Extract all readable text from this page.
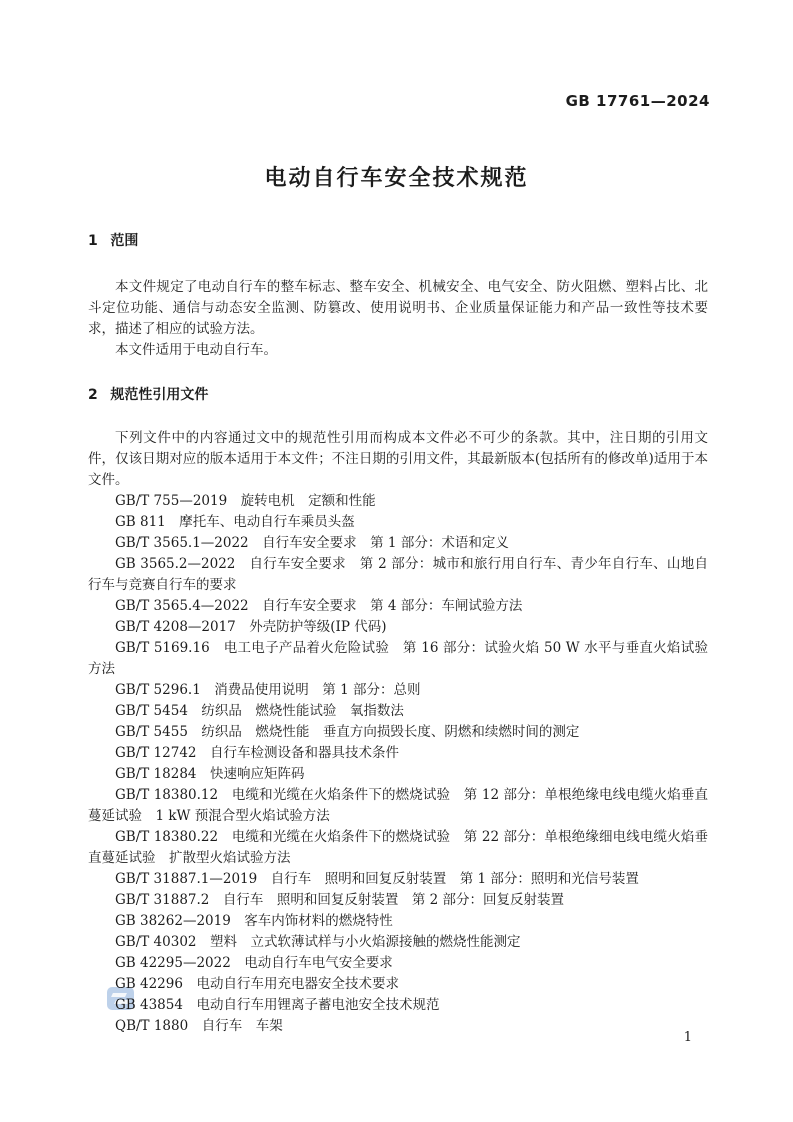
GB 17761—2024
电动自行车安全技术规范

1 范围

本文件规定了电动自行车的整车标志、整车安全、机械安全、电气安全、防火阻燃、塑料占比、北斗定位功能、通信与动态安全监测、防篡改、使用说明书、企业质量保证能力和产品一致性等技术要求，描述了相应的试验方法。

本文件适用于电动自行车。

2 规范性引用文件

下列文件中的内容通过文中的规范性引用而构成本文件必不可少的条款。其中，注日期的引用文件，仅该日期对应的版本适用于本文件；不注日期的引用文件，其最新版本(包括所有的修改单)适用于本文件。

GB/T 755—2019　旋转电机　定额和性能

GB 811　摩托车、电动自行车乘员头盔

GB/T 3565.1—2022　自行车安全要求　第 1 部分：术语和定义

GB 3565.2—2022　自行车安全要求　第 2 部分：城市和旅行用自行车、青少年自行车、山地自行车与竞赛自行车的要求

GB/T 3565.4—2022　自行车安全要求　第 4 部分：车闸试验方法

GB/T 4208—2017　外壳防护等级(IP 代码)

GB/T 5169.16　电工电子产品着火危险试验　第 16 部分：试验火焰 50 W 水平与垂直火焰试验方法

GB/T 5296.1　消费品使用说明　第 1 部分：总则

GB/T 5454　纺织品　燃烧性能试验　氧指数法

GB/T 5455　纺织品　燃烧性能　垂直方向损毁长度、阴燃和续燃时间的测定

GB/T 12742　自行车检测设备和器具技术条件

GB/T 18284　快速响应矩阵码

GB/T 18380.12　电缆和光缆在火焰条件下的燃烧试验　第 12 部分：单根绝缘电线电缆火焰垂直蔓延试验　1 kW 预混合型火焰试验方法

GB/T 18380.22　电缆和光缆在火焰条件下的燃烧试验　第 22 部分：单根绝缘细电线电缆火焰垂直蔓延试验　扩散型火焰试验方法

GB/T 31887.1—2019　自行车　照明和回复反射装置　第 1 部分：照明和光信号装置

GB/T 31887.2　自行车　照明和回复反射装置　第 2 部分：回复反射装置

GB 38262—2019　客车内饰材料的燃烧特性

GB/T 40302　塑料　立式软薄试样与小火焰源接触的燃烧性能测定

GB 42295—2022　电动自行车电气安全要求

GB 42296　电动自行车用充电器安全技术要求

GB 43854　电动自行车用锂离子蓄电池安全技术规范

QB/T 1880　自行车　车架

1
